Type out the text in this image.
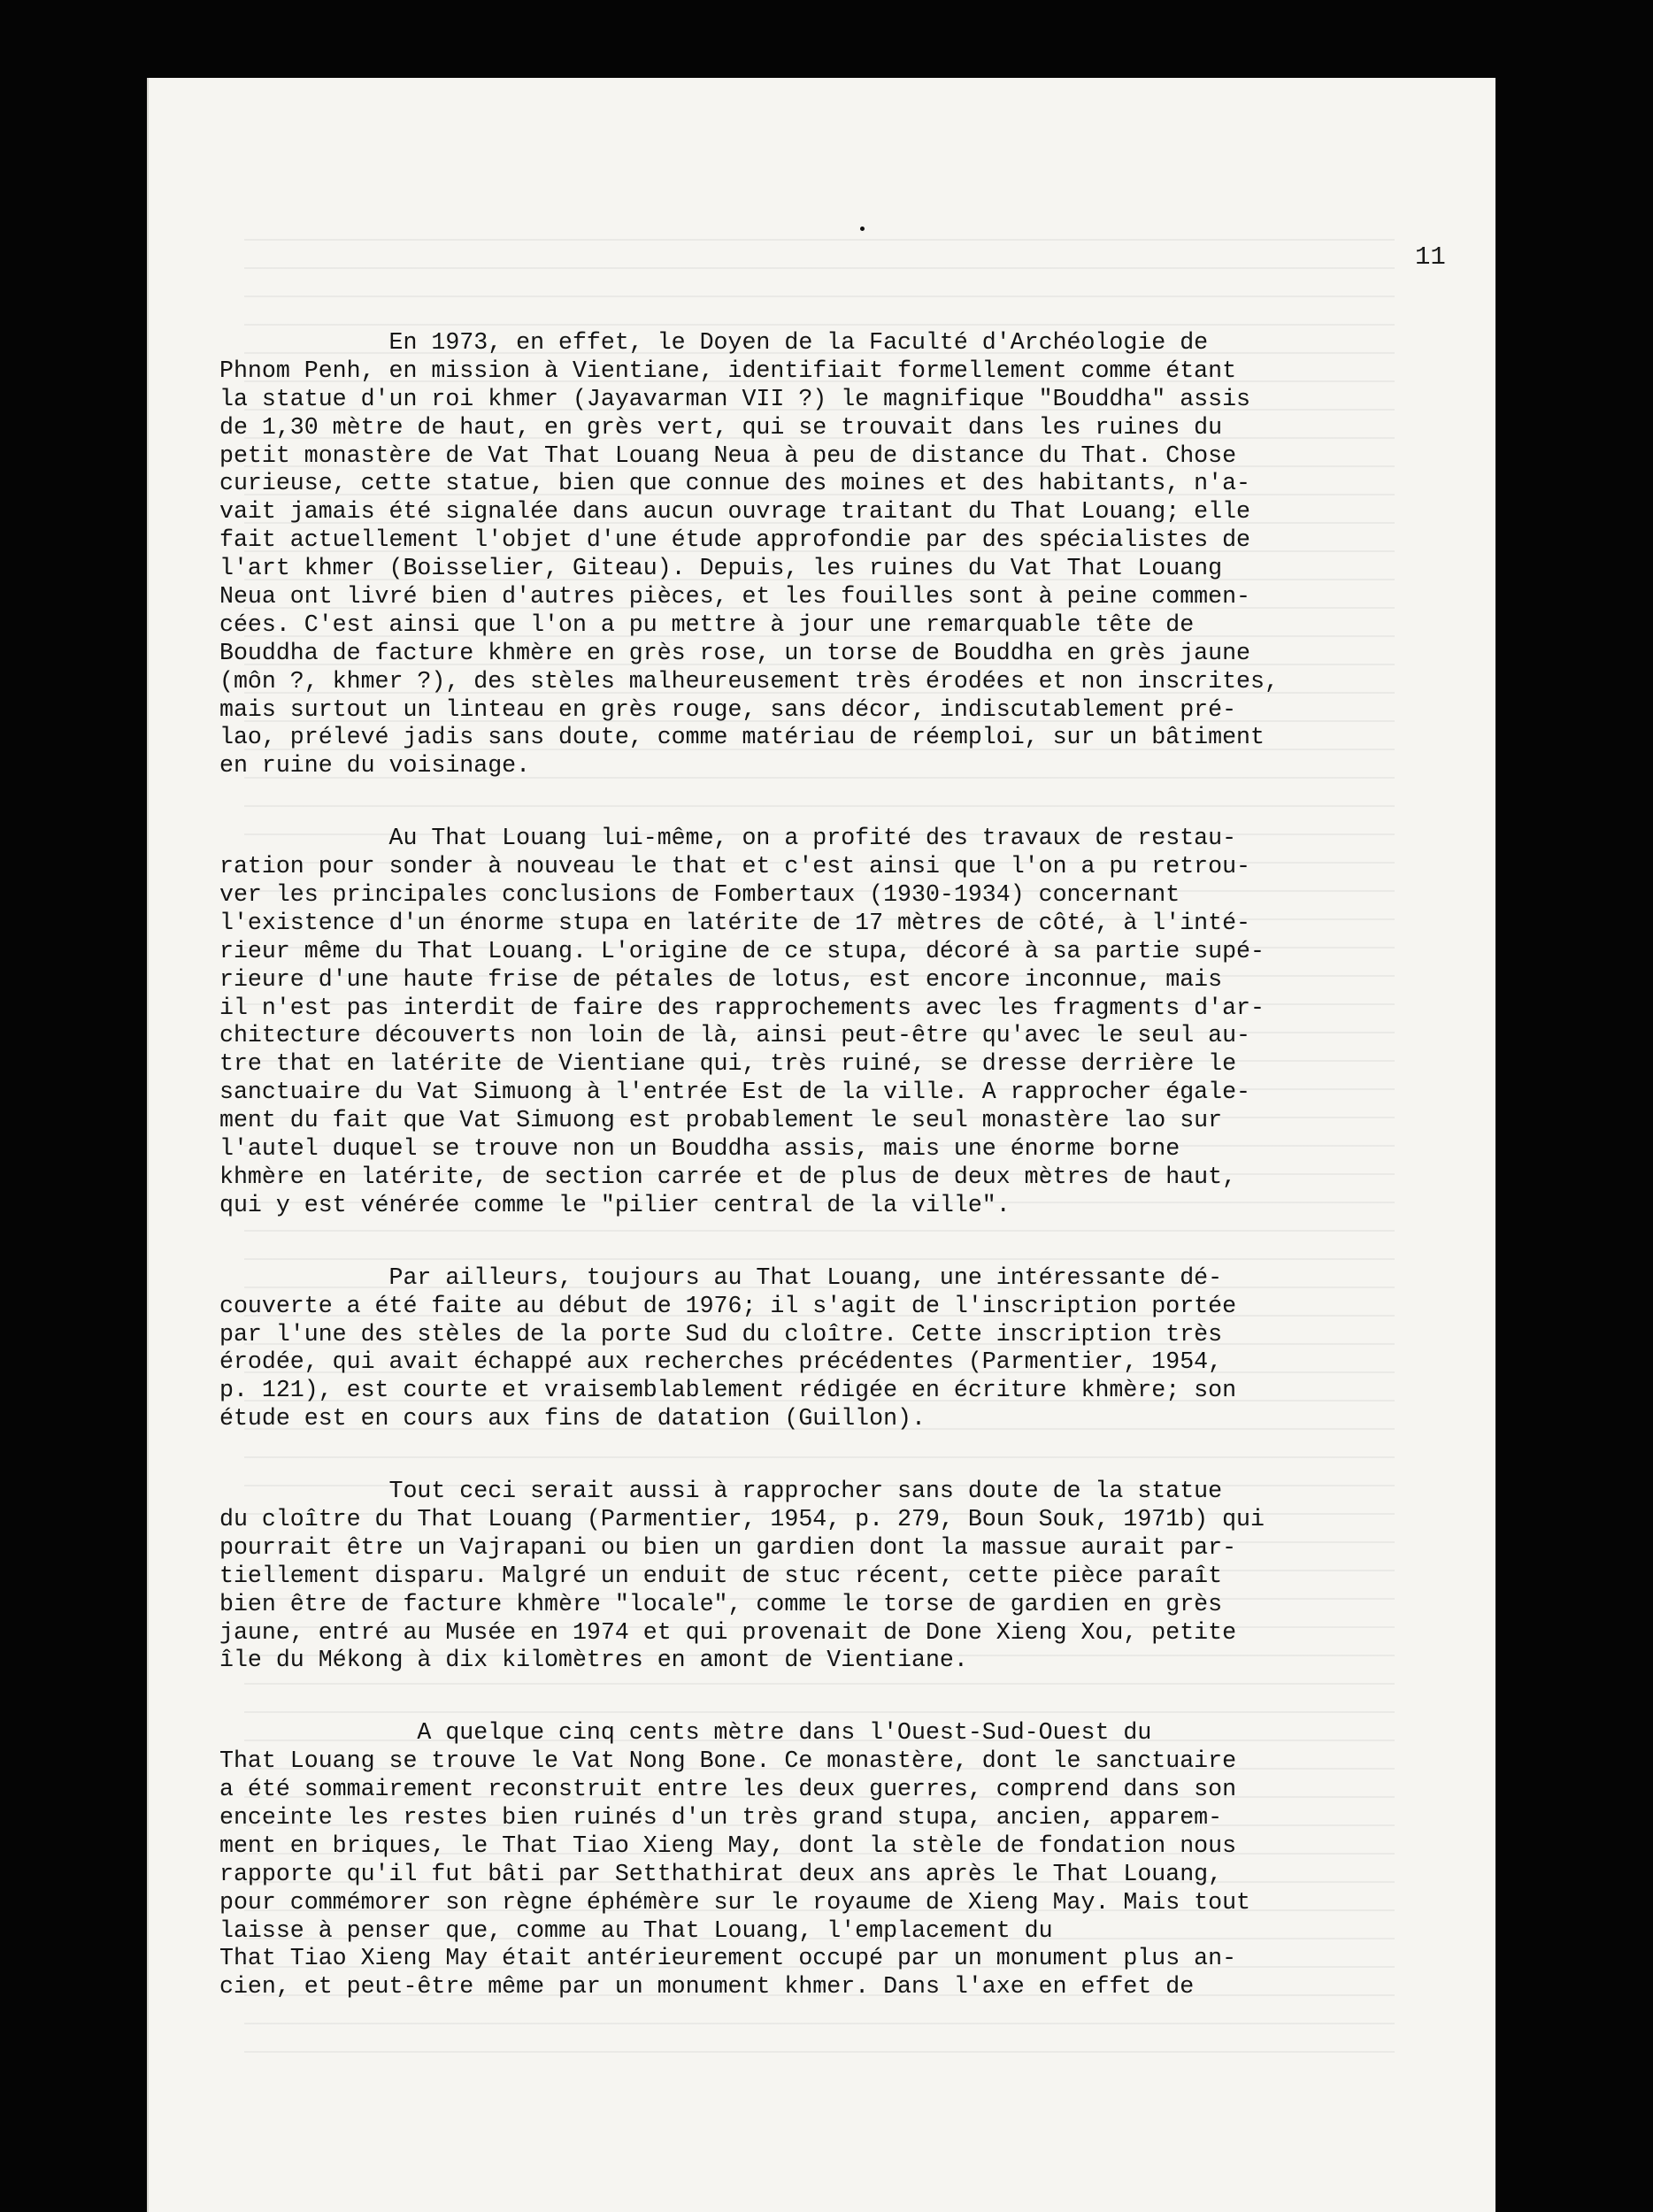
11
En 1973, en effet, le Doyen de la Faculté d'Archéologie de
Phnom Penh, en mission à Vientiane, identifiait formellement comme étant
la statue d'un roi khmer (Jayavarman VII ?) le magnifique "Bouddha" assis
de 1,30 mètre de haut, en grès vert, qui se trouvait dans les ruines du
petit monastère de Vat That Louang Neua à peu de distance du That. Chose
curieuse, cette statue, bien que connue des moines et des habitants, n'a-
vait jamais été signalée dans aucun ouvrage traitant du That Louang; elle
fait actuellement l'objet d'une étude approfondie par des spécialistes de
l'art khmer (Boisselier, Giteau). Depuis, les ruines du Vat That Louang
Neua ont livré bien d'autres pièces, et les fouilles sont à peine commen-
cées. C'est ainsi que l'on a pu mettre à jour une remarquable tête de
Bouddha de facture khmère en grès rose, un torse de Bouddha en grès jaune
(môn ?, khmer ?), des stèles malheureusement très érodées et non inscrites,
mais surtout un linteau en grès rouge, sans décor, indiscutablement pré-
lao, prélevé jadis sans doute, comme matériau de réemploi, sur un bâtiment
en ruine du voisinage.
Au That Louang lui-même, on a profité des travaux de restau-
ration pour sonder à nouveau le that et c'est ainsi que l'on a pu retrou-
ver les principales conclusions de Fombertaux (1930-1934) concernant
l'existence d'un énorme stupa en latérite de 17 mètres de côté, à l'inté-
rieur même du That Louang. L'origine de ce stupa, décoré à sa partie supé-
rieure d'une haute frise de pétales de lotus, est encore inconnue, mais
il n'est pas interdit de faire des rapprochements avec les fragments d'ar-
chitecture découverts non loin de là, ainsi peut-être qu'avec le seul au-
tre that en latérite de Vientiane qui, très ruiné, se dresse derrière le
sanctuaire du Vat Simuong à l'entrée Est de la ville. A rapprocher égale-
ment du fait que Vat Simuong est probablement le seul monastère lao sur
l'autel duquel se trouve non un Bouddha assis, mais une énorme borne
khmère en latérite, de section carrée et de plus de deux mètres de haut,
qui y est vénérée comme le "pilier central de la ville".
Par ailleurs, toujours au That Louang, une intéressante dé-
couverte a été faite au début de 1976; il s'agit de l'inscription portée
par l'une des stèles de la porte Sud du cloître. Cette inscription très
érodée, qui avait échappé aux recherches précédentes (Parmentier, 1954,
p. 121), est courte et vraisemblablement rédigée en écriture khmère; son
étude est en cours aux fins de datation (Guillon).
Tout ceci serait aussi à rapprocher sans doute de la statue
du cloître du That Louang (Parmentier, 1954, p. 279, Boun Souk, 1971b) qui
pourrait être un Vajrapani ou bien un gardien dont la massue aurait par-
tiellement disparu. Malgré un enduit de stuc récent, cette pièce paraît
bien être de facture khmère "locale", comme le torse de gardien en grès
jaune, entré au Musée en 1974 et qui provenait de Done Xieng Xou, petite
île du Mékong à dix kilomètres en amont de Vientiane.
A quelque cinq cents mètre dans l'Ouest-Sud-Ouest du
That Louang se trouve le Vat Nong Bone. Ce monastère, dont le sanctuaire
a été sommairement reconstruit entre les deux guerres, comprend dans son
enceinte les restes bien ruinés d'un très grand stupa, ancien, apparem-
ment en briques, le That Tiao Xieng May, dont la stèle de fondation nous
rapporte qu'il fut bâti par Setthathirat deux ans après le That Louang,
pour commémorer son règne éphémère sur le royaume de Xieng May. Mais tout
laisse à penser que, comme au That Louang, l'emplacement du
That Tiao Xieng May était antérieurement occupé par un monument plus an-
cien, et peut-être même par un monument khmer. Dans l'axe en effet de
